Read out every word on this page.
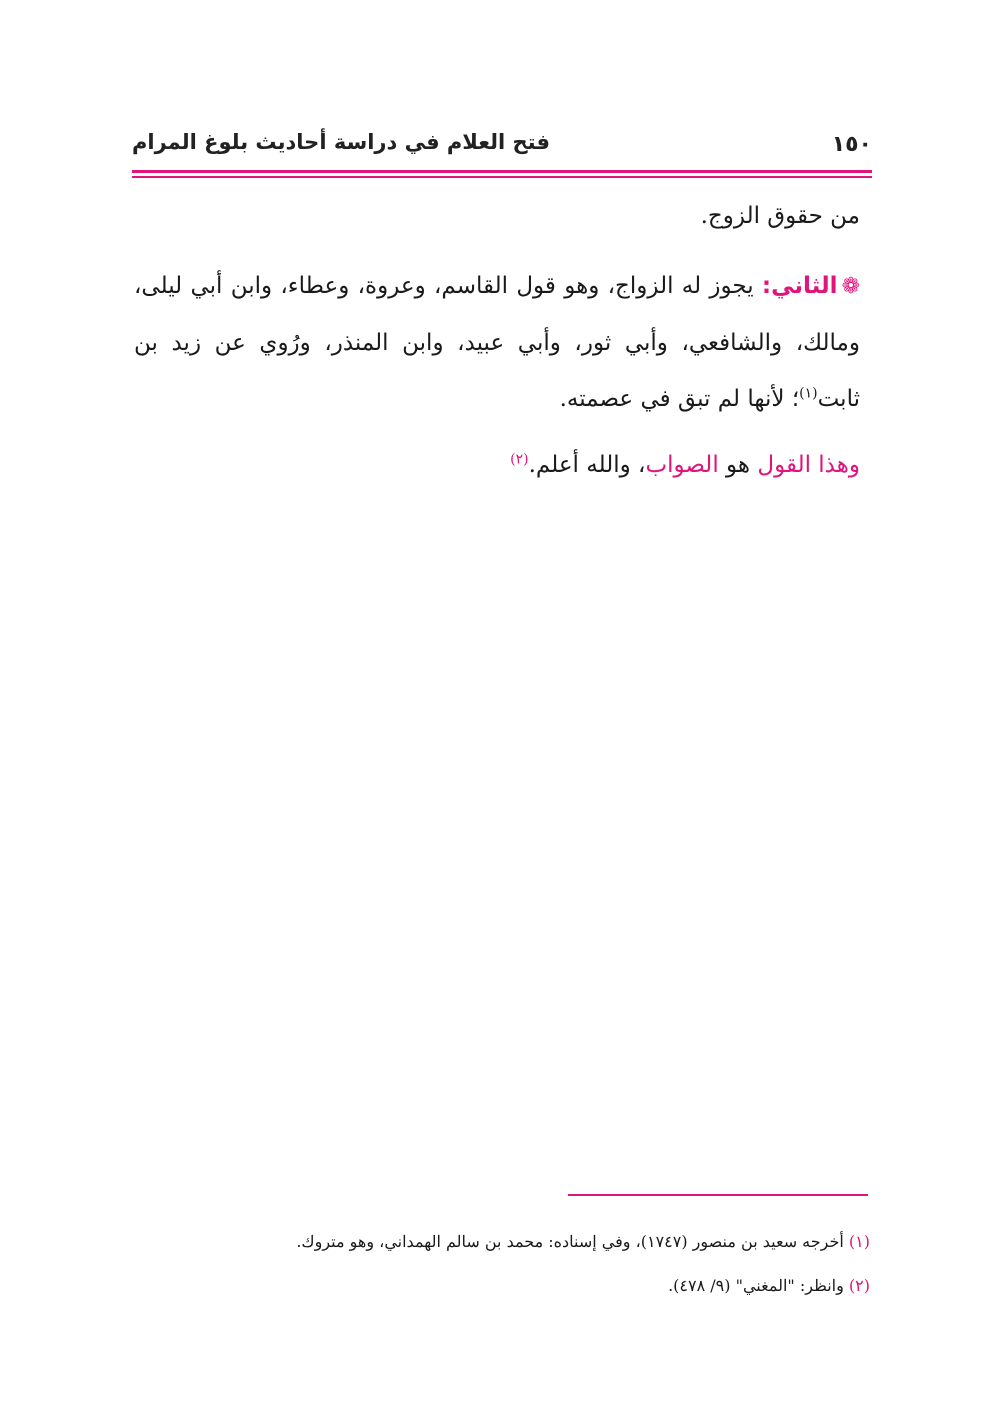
١٥٠
فتح العلام في دراسة أحاديث بلوغ المرام

من حقوق الزوج.

❁الثاني: يجوز له الزواج، وهو قول القاسم، وعروة، وعطاء، وابن أبي ليلى، ومالك، والشافعي، وأبي ثور، وأبي عبيد، وابن المنذر، ورُوي عن زيد بن ثابت$^{(١)}$؛ لأنها لم تبق في عصمته.

وهذا القول هو الصواب، والله أعلم.$^{(٢)}$

(١) أخرجه سعيد بن منصور (١٧٤٧)، وفي إسناده: محمد بن سالم الهمداني، وهو متروك.

(٢) وانظر: "المغني" (٩/ ٤٧٨).
